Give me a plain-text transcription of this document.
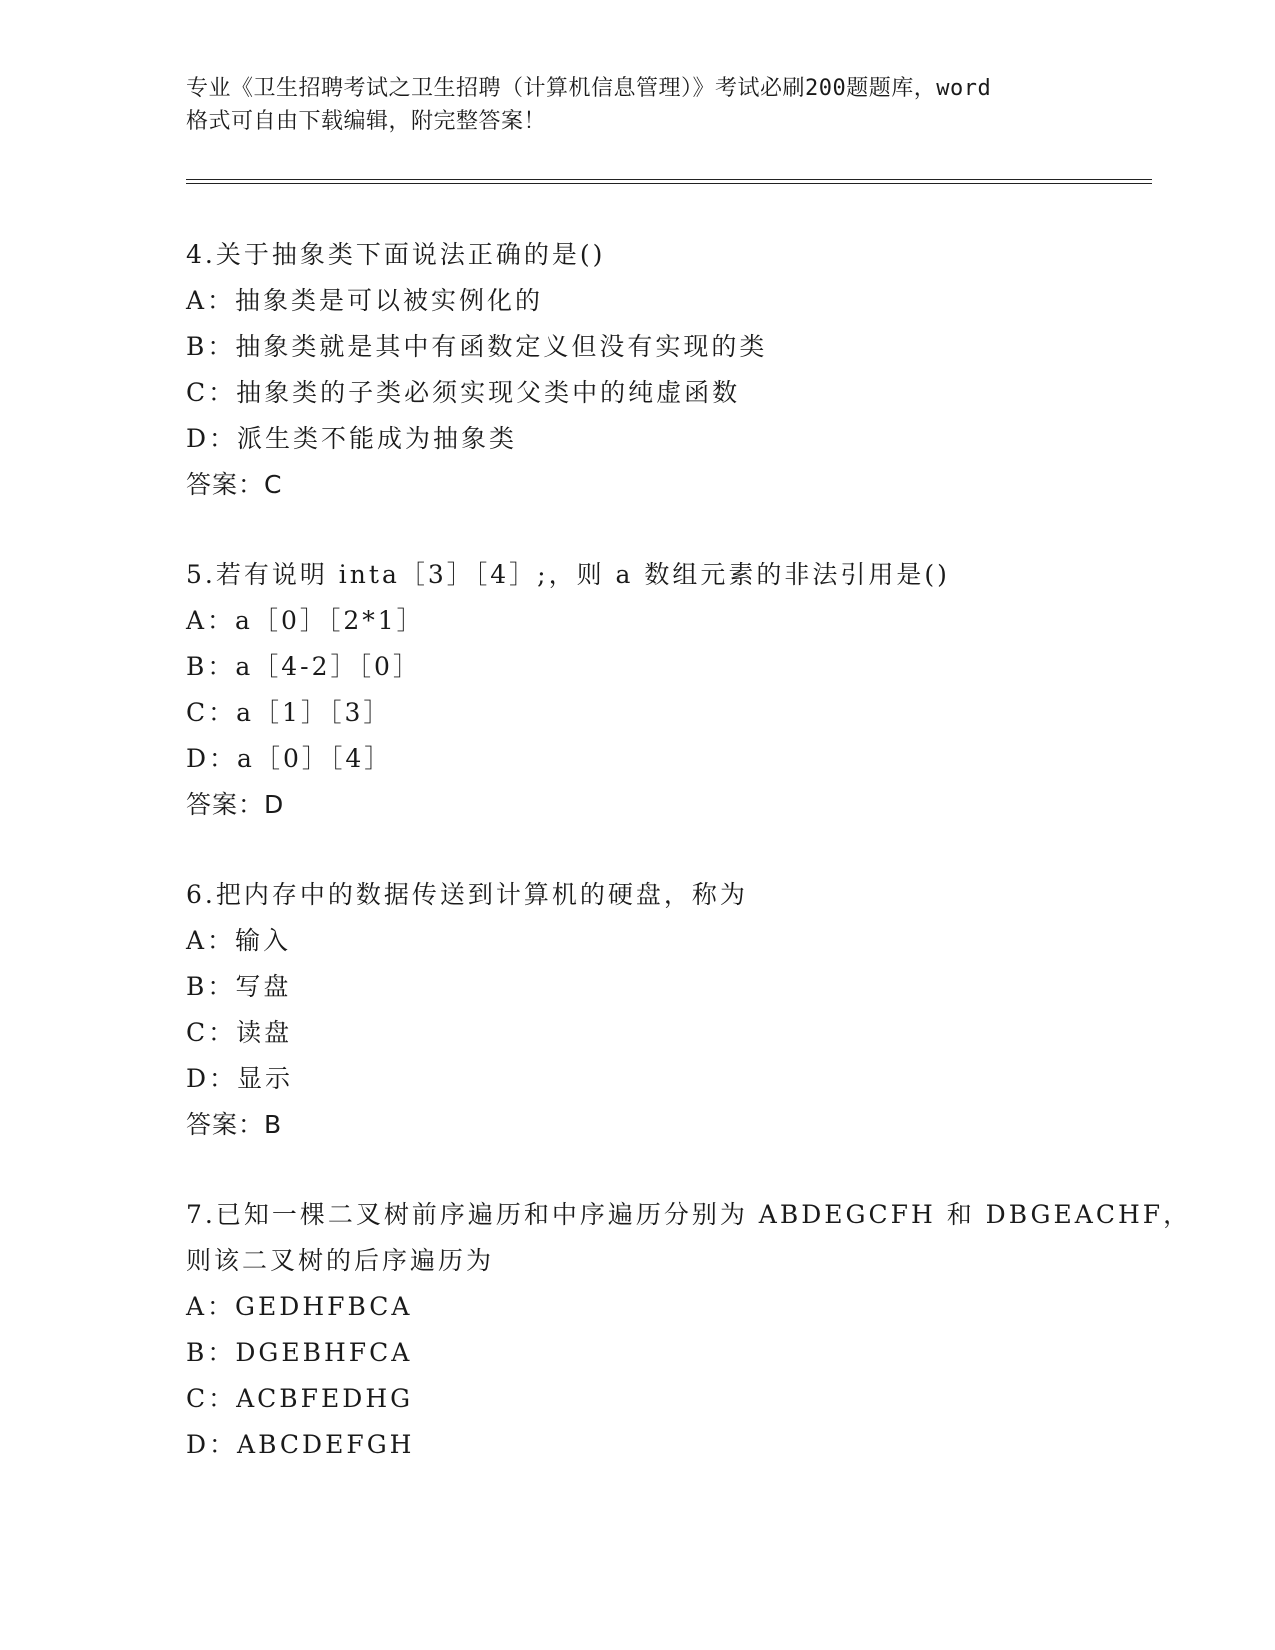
专业《卫生招聘考试之卫生招聘（计算机信息管理）》考试必刷200题题库，word
格式可自由下载编辑，附完整答案！
4.关于抽象类下面说法正确的是()
A：抽象类是可以被实例化的
B：抽象类就是其中有函数定义但没有实现的类
C：抽象类的子类必须实现父类中的纯虚函数
D：派生类不能成为抽象类
答案：C
5.若有说明 inta［3］［4］;，则 a 数组元素的非法引用是()
A：a［0］［2*1］
B：a［4-2］［0］
C：a［1］［3］
D：a［0］［4］
答案：D
6.把内存中的数据传送到计算机的硬盘，称为
A：输入
B：写盘
C：读盘
D：显示
答案：B
7.已知一棵二叉树前序遍历和中序遍历分别为 ABDEGCFH 和 DBGEACHF，
则该二叉树的后序遍历为
A：GEDHFBCA
B：DGEBHFCA
C：ACBFEDHG
D：ABCDEFGH
